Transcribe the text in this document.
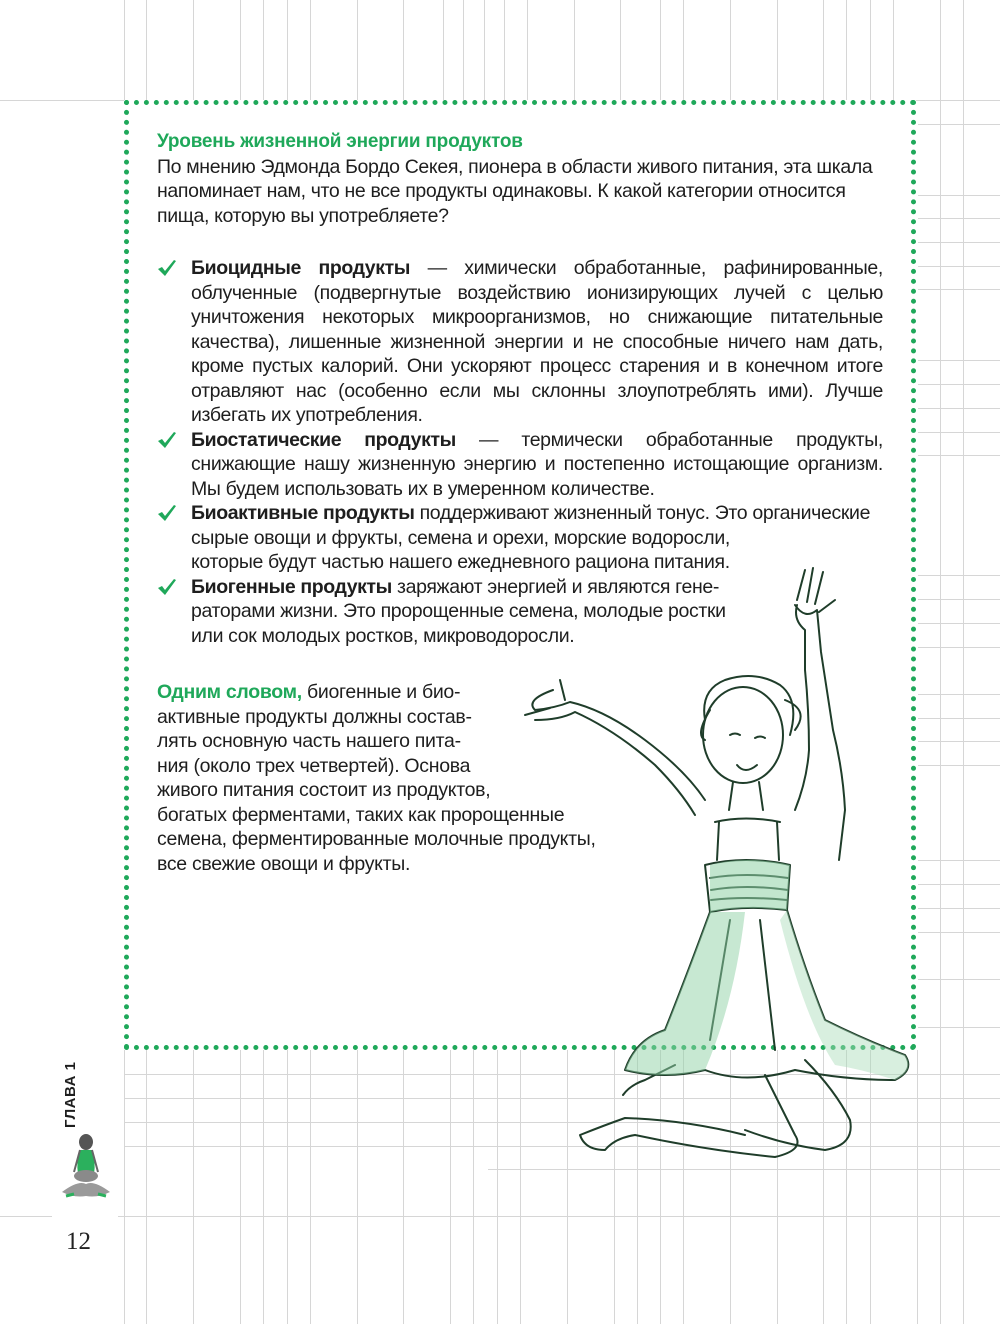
Уровень жизненной энергии продуктов
По мнению Эдмонда Бордо Секея, пионера в области живого питания, эта шкала напоминает нам, что не все продукты одинаковы. К какой категории относится пища, которую вы употребляете?
Биоцидные продукты — химически обработанные, рафинированные, облученные (подвергнутые воздействию ионизирующих лучей с целью уничтожения некоторых микроорганизмов, но снижающие питательные качества), лишенные жизненной энергии и не способные ничего нам дать, кроме пустых калорий. Они ускоряют процесс старения и в конечном итоге отравляют нас (особенно если мы склонны злоупотреблять ими). Лучше избегать их употребления.
Биостатические продукты — термически обработанные продукты, снижающие нашу жизненную энергию и постепенно истощающие организм. Мы будем использовать их в умеренном количестве.
Биоактивные продукты поддерживают жизненный тонус. Это органические
сырые овощи и фрукты, семена и орехи, морские водоросли,
которые будут частью нашего ежедневного рациона питания.
Биогенные продукты заряжают энергией и являются гене-
раторами жизни. Это пророщенные семена, молодые ростки
или сок молодых ростков, микроводоросли.
Одним словом, биогенные и био-
активные продукты должны состав-
лять основную часть нашего пита-
ния (около трех четвертей). Основа
живого питания состоит из продуктов,
богатых ферментами, таких как пророщенные
семена, ферментированные молочные продукты,
все свежие овощи и фрукты.
ГЛАВА 1
12
